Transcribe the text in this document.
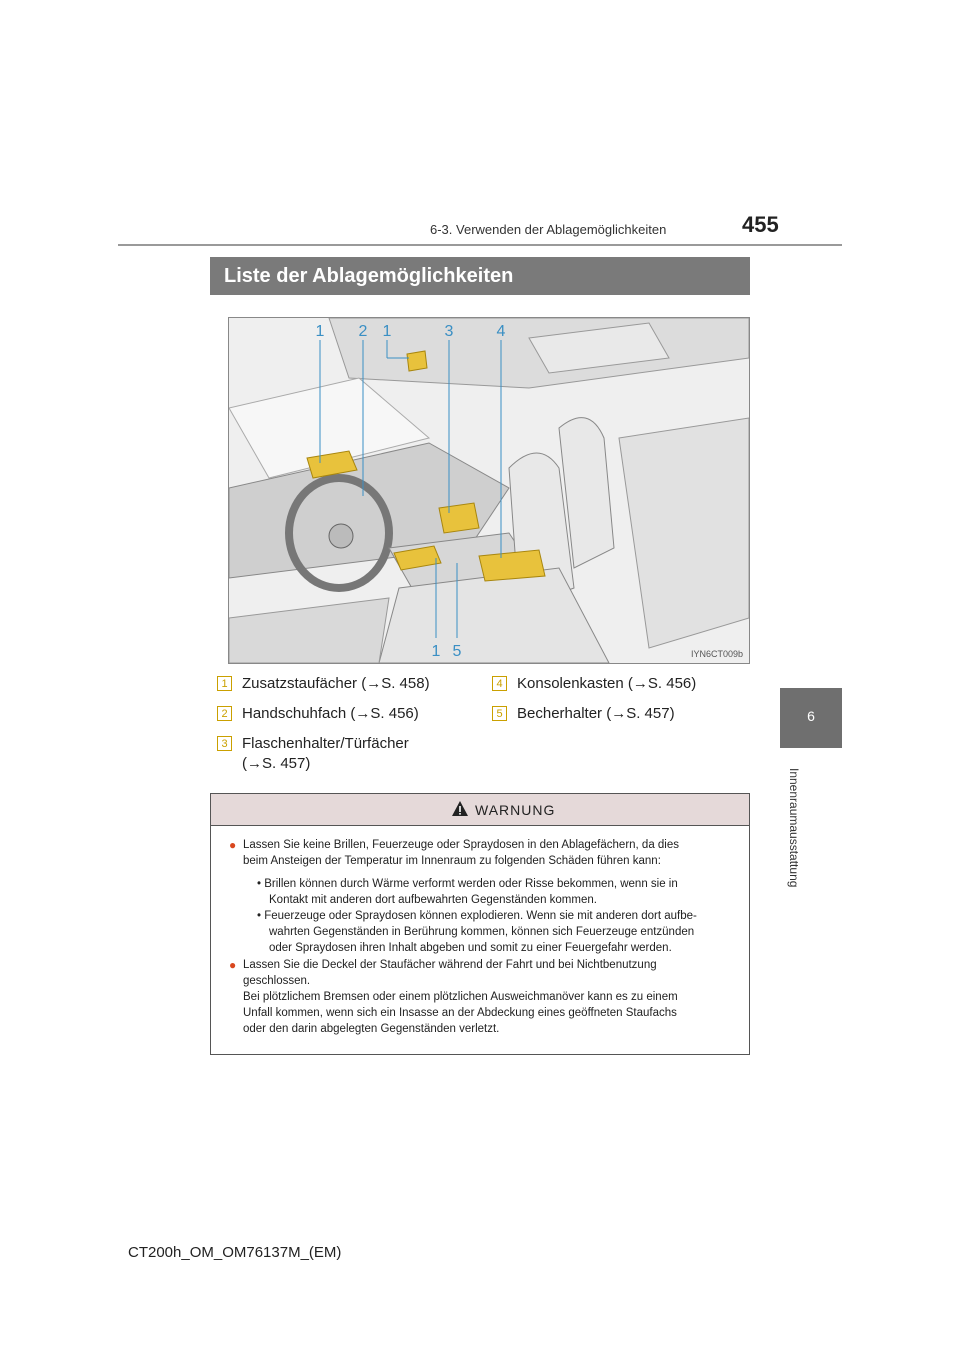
6-3. Verwenden der Ablagemöglichkeiten	455
6
Innenraumausstattung
Liste der Ablagemöglichkeiten
1 2 1	3	4
1 5	IYN6CT009b
1 Zusatzstaufächer (→S. 458)
2 Handschuhfach (→S. 456)
3 Flaschenhalter/Türfächer
(→S. 457)
4 Konsolenkasten (→S. 456)
5 Becherhalter (→S. 457)
WARNUNG
● Lassen Sie keine Brillen, Feuerzeuge oder Spraydosen in den Ablagefächern, da dies
beim Ansteigen der Temperatur im Innenraum zu folgenden Schäden führen kann:
• Brillen können durch Wärme verformt werden oder Risse bekommen, wenn sie in
Kontakt mit anderen dort aufbewahrten Gegenständen kommen.
• Feuerzeuge oder Spraydosen können explodieren. Wenn sie mit anderen dort aufbe-
wahrten Gegenständen in Berührung kommen, können sich Feuerzeuge entzünden
oder Spraydosen ihren Inhalt abgeben und somit zu einer Feuergefahr werden.
● Lassen Sie die Deckel der Staufächer während der Fahrt und bei Nichtbenutzung
geschlossen.
Bei plötzlichem Bremsen oder einem plötzlichen Ausweichmanöver kann es zu einem
Unfall kommen, wenn sich ein Insasse an der Abdeckung eines geöffneten Staufachs
oder den darin abgelegten Gegenständen verletzt.
CT200h_OM_OM76137M_(EM)
